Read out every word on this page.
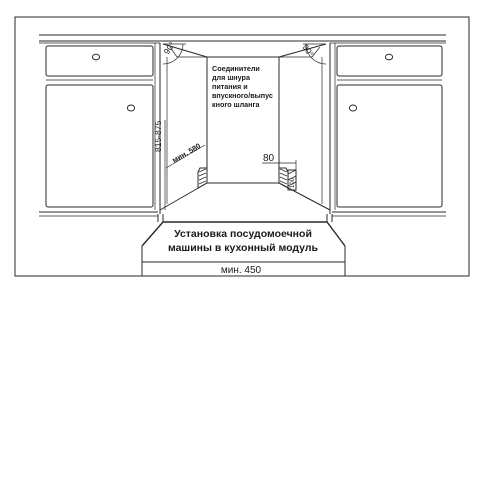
Соединители
для шнура
питания и
впускного/выпус
кного шланга
815-875
мин. 580
90°	90°
80
100
Установка посудомоечной
машины в кухонный модуль
мин. 450
